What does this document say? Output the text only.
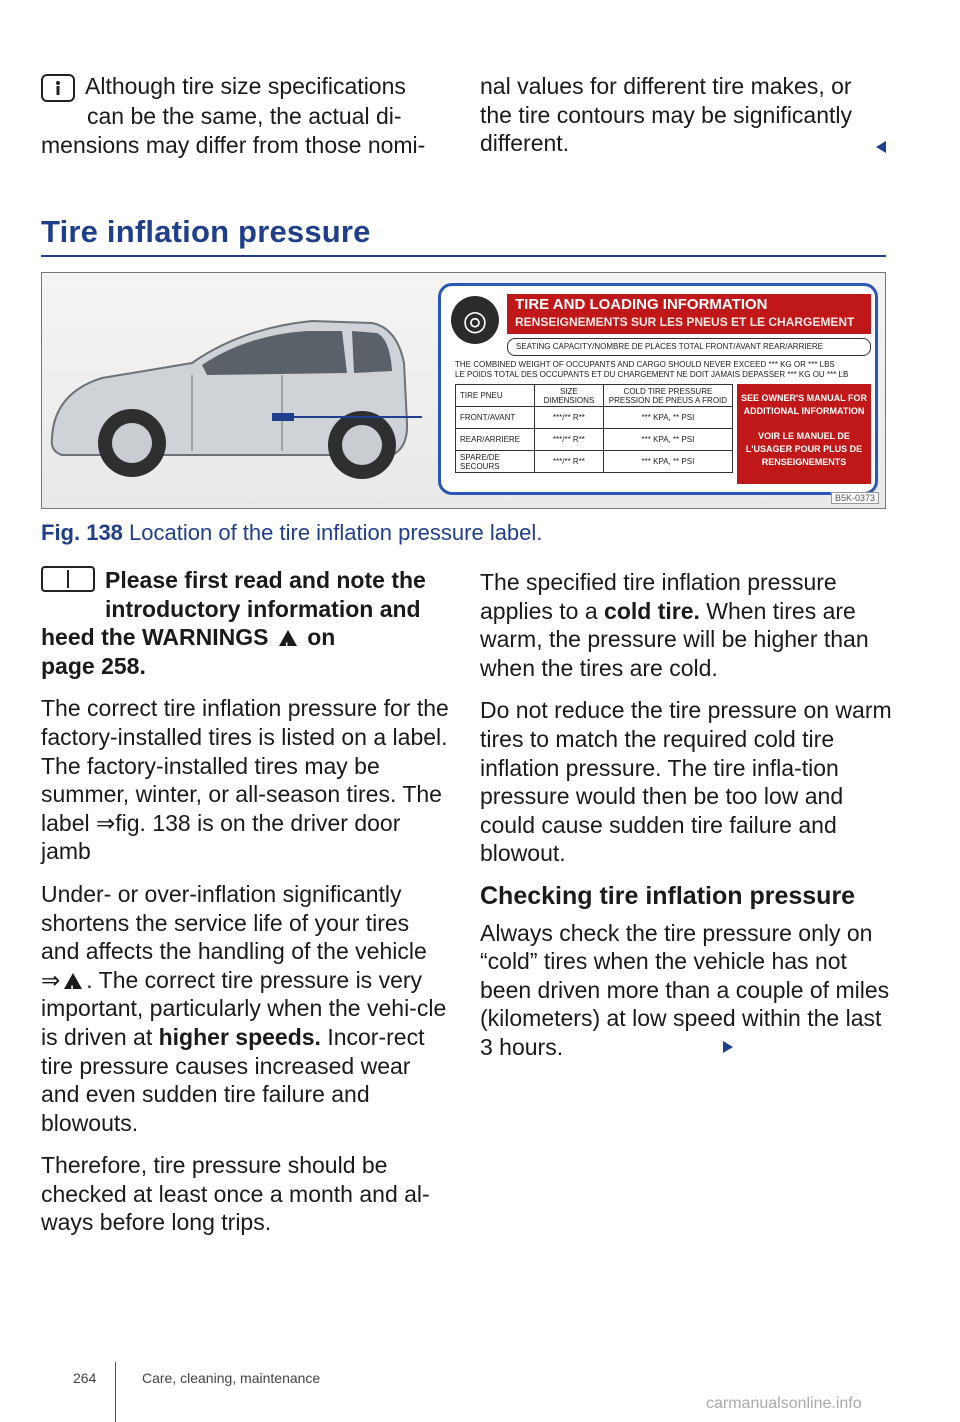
Although tire size specifications
can be the same, the actual di-
mensions may differ from those nomi-
nal values for different tire makes, or the tire contours may be significantly different.
Tire inflation pressure
◎	TIRE AND LOADING INFORMATION
RENSEIGNEMENTS SUR LES PNEUS ET LE CHARGEMENT
SEATING CAPACITY/NOMBRE DE PLACES TOTAL FRONT/AVANT REAR/ARRIERE
THE COMBINED WEIGHT OF OCCUPANTS AND CARGO SHOULD NEVER EXCEED *** KG OR *** LBS
LE POIDS TOTAL DES OCCUPANTS ET DU CHARGEMENT NE DOIT JAMAIS DEPASSER *** KG OU *** LB
TIRE PNEU	SIZE DIMENSIONS	COLD TIRE PRESSURE PRESSION DE PNEUS A FROID
FRONT/AVANT	***/** R**	*** KPA, ** PSI
REAR/ARRIERE	***/** R**	*** KPA, ** PSI
SPARE/DE SECOURS	***/** R**	*** KPA, ** PSI
SEE OWNER'S MANUAL FOR ADDITIONAL INFORMATION
VOIR LE MANUEL DE L'USAGER POUR PLUS DE RENSEIGNEMENTS
B5K-0373
Fig. 138 Location of the tire inflation pressure label.
Please first read and note the
introductory information and
heed the WARNINGS ! on
page 258.

The correct tire inflation pressure for the factory-installed tires is listed on a label. The factory-installed tires may be summer, winter, or all-season tires. The label ⇒fig. 138 is on the driver door jamb

Under- or over-inflation significantly shortens the service life of your tires and affects the handling of the vehicle ⇒ ! . The correct tire pressure is very important, particularly when the vehi-cle is driven at higher speeds. Incor-rect tire pressure causes increased wear and even sudden tire failure and blowouts.

Therefore, tire pressure should be checked at least once a month and al-ways before long trips.

The specified tire inflation pressure applies to a cold tire. When tires are warm, the pressure will be higher than when the tires are cold.

Do not reduce the tire pressure on warm tires to match the required cold tire inflation pressure. The tire infla-tion pressure would then be too low and could cause sudden tire failure and blowout.

Checking tire inflation pressure

Always check the tire pressure only on “cold” tires when the vehicle has not been driven more than a couple of miles (kilometers) at low speed within the last 3 hours.

264	Care, cleaning, maintenance
carmanualsonline.info
